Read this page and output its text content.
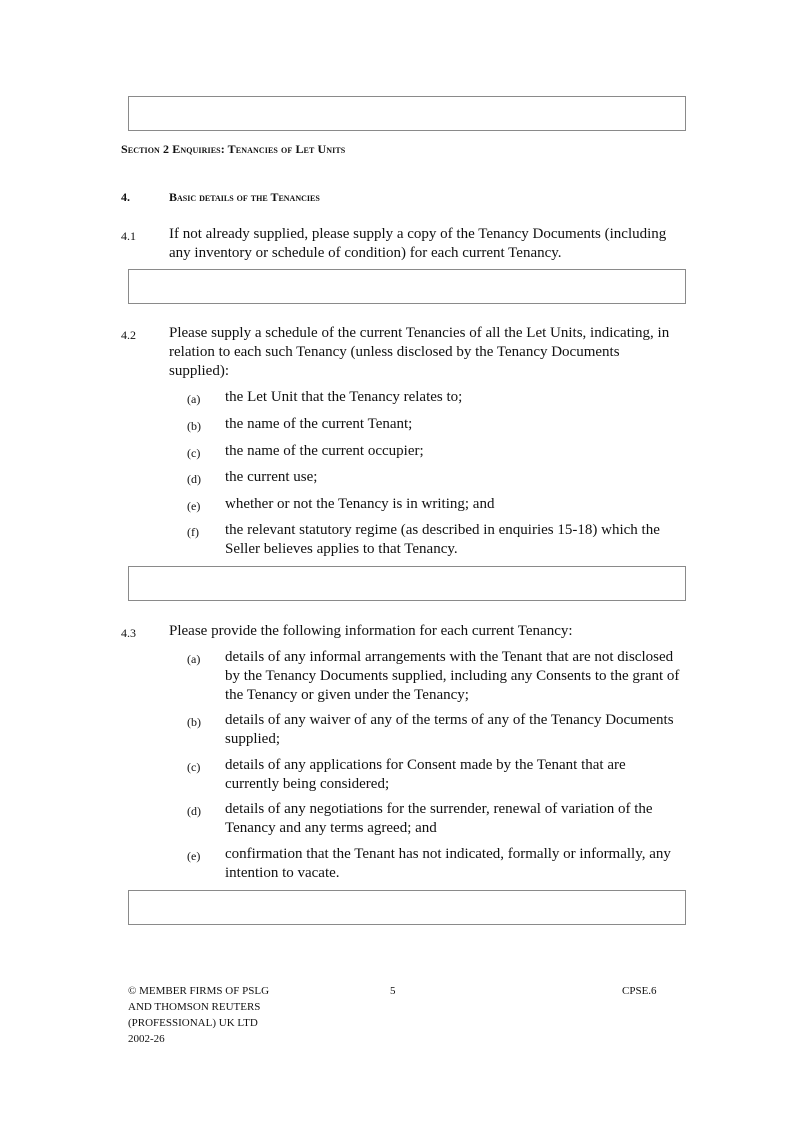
Section 2 Enquiries: Tenancies of Let Units
4.	Basic details of the Tenancies
4.1 If not already supplied, please supply a copy of the Tenancy Documents (including any inventory or schedule of condition) for each current Tenancy.
4.2 Please supply a schedule of the current Tenancies of all the Let Units, indicating, in relation to each such Tenancy (unless disclosed by the Tenancy Documents supplied):
(a) the Let Unit that the Tenancy relates to;
(b) the name of the current Tenant;
(c) the name of the current occupier;
(d) the current use;
(e) whether or not the Tenancy is in writing; and
(f) the relevant statutory regime (as described in enquiries 15-18) which the Seller believes applies to that Tenancy.
4.3 Please provide the following information for each current Tenancy:
(a) details of any informal arrangements with the Tenant that are not disclosed by the Tenancy Documents supplied, including any Consents to the grant of the Tenancy or given under the Tenancy;
(b) details of any waiver of any of the terms of any of the Tenancy Documents supplied;
(c) details of any applications for Consent made by the Tenant that are currently being considered;
(d) details of any negotiations for the surrender, renewal of variation of the Tenancy and any terms agreed; and
(e) confirmation that the Tenant has not indicated, formally or informally, any intention to vacate.
© MEMBER FIRMS OF PSLG
AND THOMSON REUTERS
(PROFESSIONAL) UK LTD
2002-26
5	CPSE.6
